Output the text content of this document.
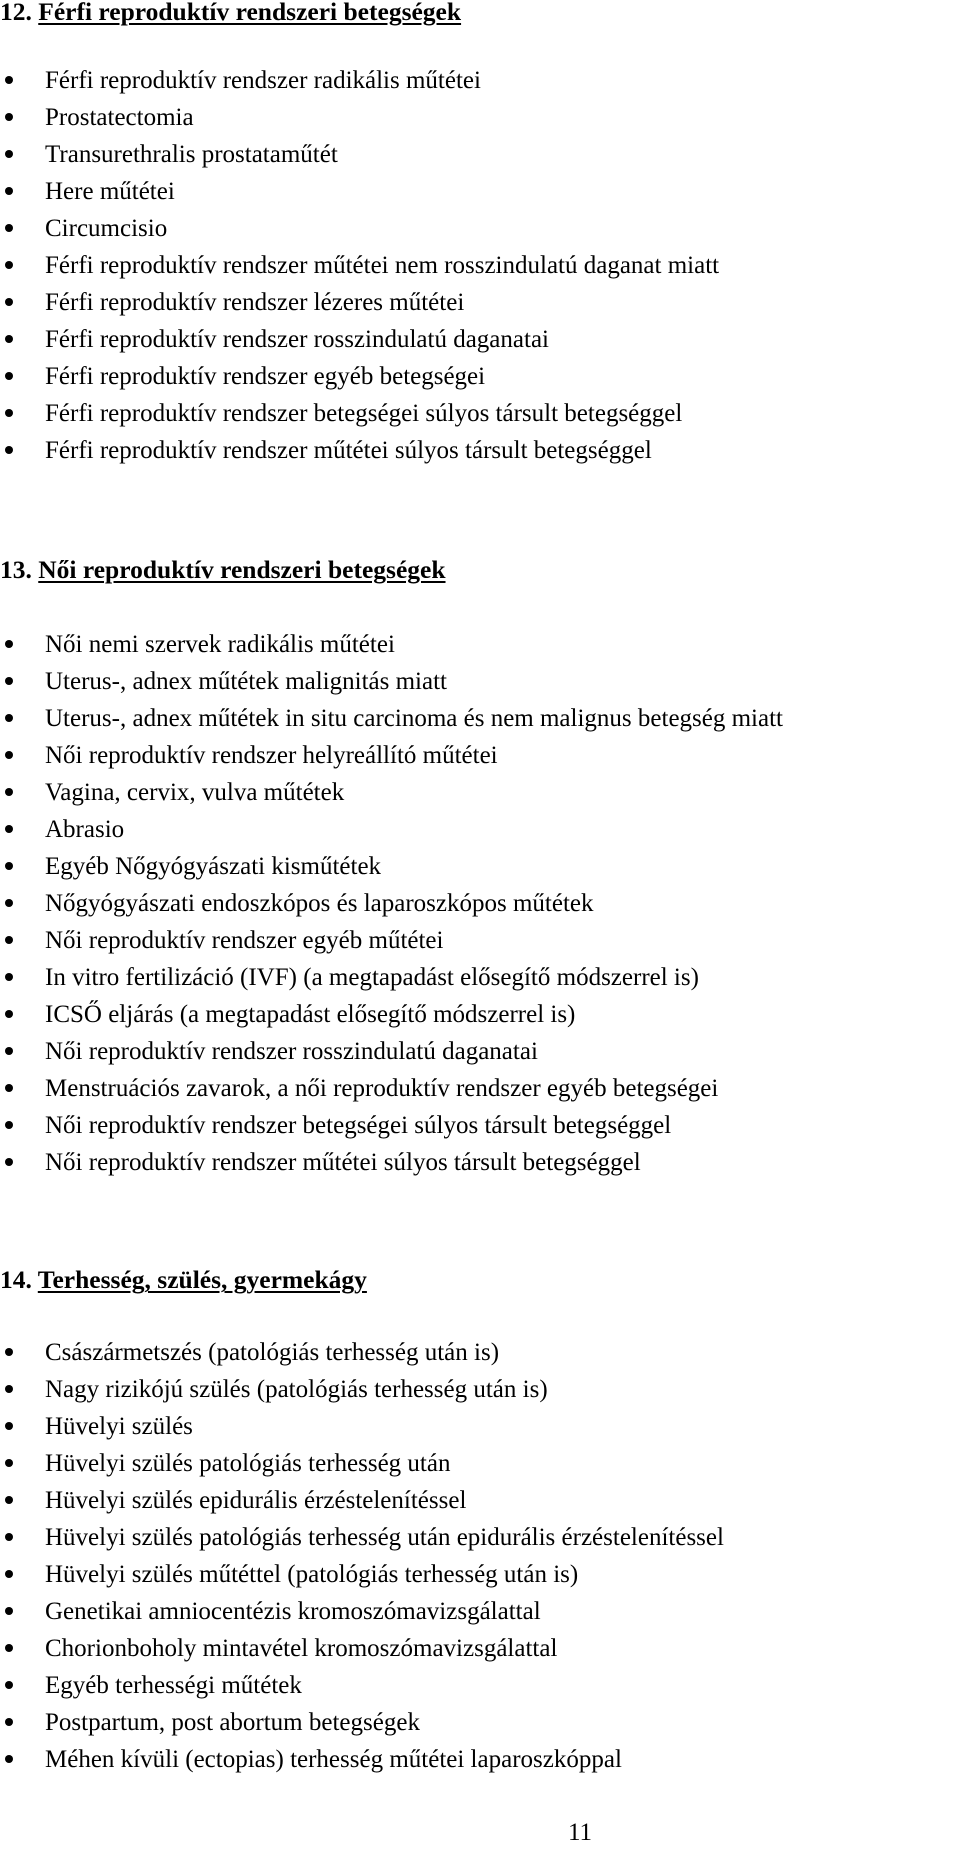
12. Férfi reproduktív rendszeri betegségek
Férfi reproduktív rendszer radikális műtétei
Prostatectomia
Transurethralis prostataműtét
Here műtétei
Circumcisio
Férfi reproduktív rendszer műtétei nem rosszindulatú daganat miatt
Férfi reproduktív rendszer lézeres műtétei
Férfi reproduktív rendszer rosszindulatú daganatai
Férfi reproduktív rendszer egyéb betegségei
Férfi reproduktív rendszer betegségei súlyos társult betegséggel
Férfi reproduktív rendszer műtétei súlyos társult betegséggel
13. Női reproduktív rendszeri betegségek
Női nemi szervek radikális műtétei
Uterus-, adnex műtétek malignitás miatt
Uterus-, adnex műtétek in situ carcinoma és nem malignus betegség miatt
Női reproduktív rendszer helyreállító műtétei
Vagina, cervix, vulva műtétek
Abrasio
Egyéb Nőgyógyászati kisműtétek
Nőgyógyászati endoszkópos és laparoszkópos műtétek
Női reproduktív rendszer egyéb műtétei
In vitro fertilizáció (IVF) (a megtapadást elősegítő módszerrel is)
ICSŐ eljárás (a megtapadást elősegítő módszerrel is)
Női reproduktív rendszer rosszindulatú daganatai
Menstruációs zavarok, a női reproduktív rendszer egyéb betegségei
Női reproduktív rendszer betegségei súlyos társult betegséggel
Női reproduktív rendszer műtétei súlyos társult betegséggel
14. Terhesség, szülés, gyermekágy
Császármetszés (patológiás terhesség után is)
Nagy rizikójú szülés (patológiás terhesség után is)
Hüvelyi szülés
Hüvelyi szülés patológiás terhesség után
Hüvelyi szülés epidurális érzéstelenítéssel
Hüvelyi szülés patológiás terhesség után epidurális érzéstelenítéssel
Hüvelyi szülés műtéttel (patológiás terhesség után is)
Genetikai amniocentézis kromoszómavizsgálattal
Chorionboholy mintavétel kromoszómavizsgálattal
Egyéb terhességi műtétek
Postpartum, post abortum betegségek
Méhen kívüli (ectopias) terhesség műtétei laparoszkóppal
11
